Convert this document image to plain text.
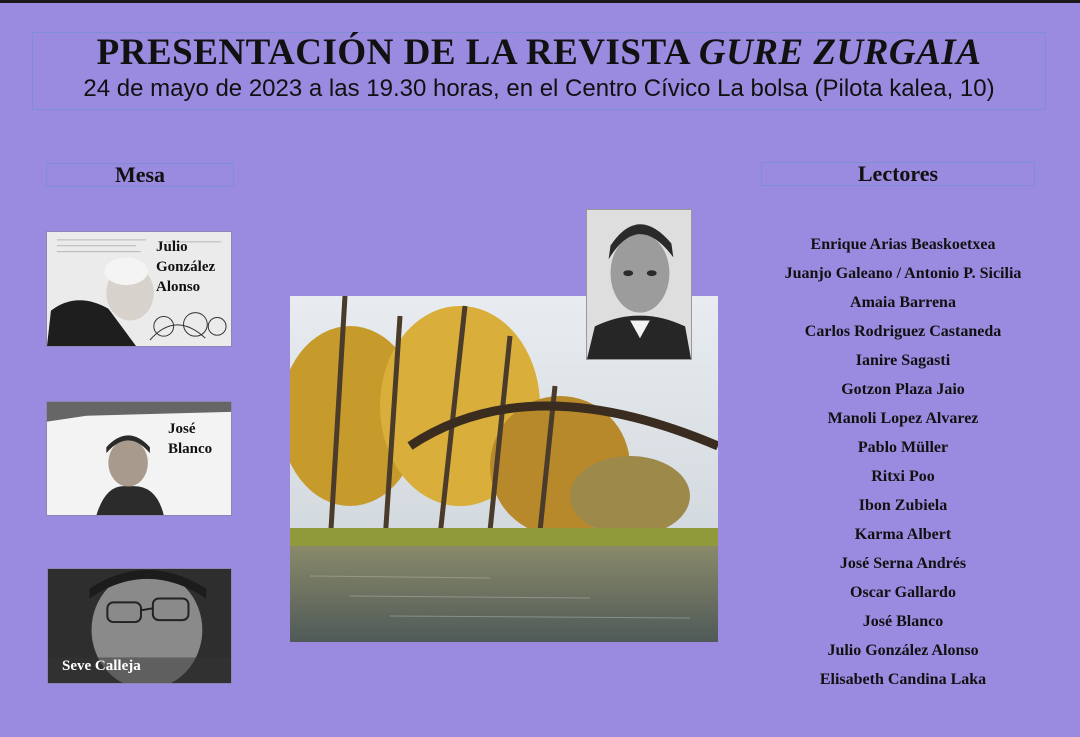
PRESENTACIÓN DE LA REVISTA GURE ZURGAIA
24 de mayo de 2023 a las 19.30 horas, en el Centro Cívico La bolsa (Pilota kalea, 10)
Mesa
Julio
González
Alonso
José
Blanco
Seve Calleja
Lectores
Enrique Arias Beaskoetxea
Juanjo Galeano / Antonio P. Sicilia
Amaia Barrena
Carlos Rodriguez Castaneda
Ianire Sagasti
Gotzon Plaza Jaio
Manoli Lopez Alvarez
Pablo Müller
Ritxi Poo
Ibon Zubiela
Karma Albert
José Serna Andrés
Oscar Gallardo
José Blanco
Julio González Alonso
Elisabeth Candina Laka
